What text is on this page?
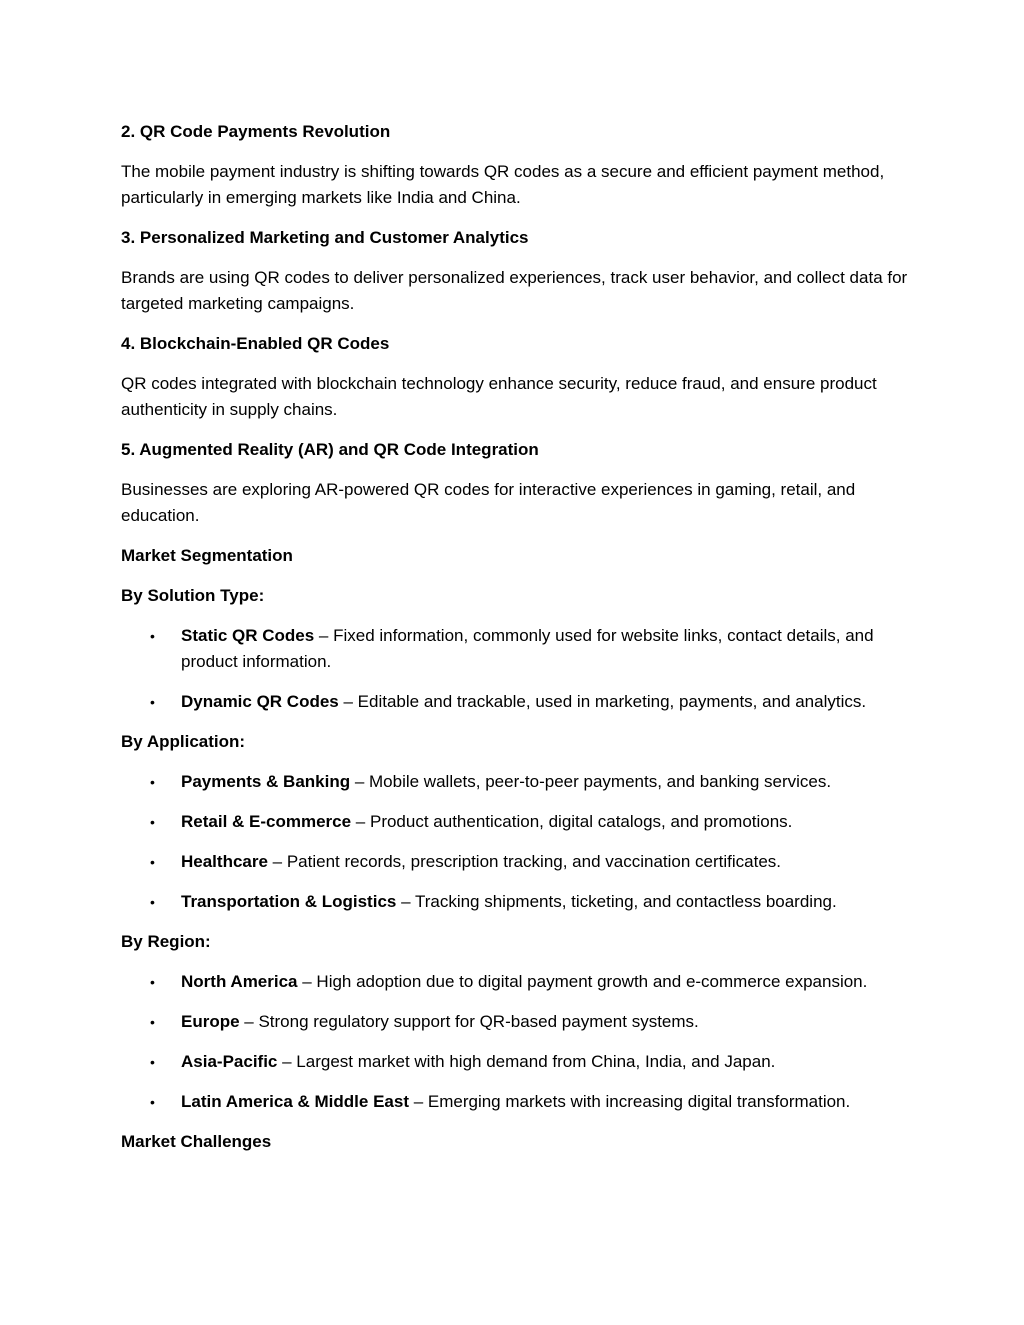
2. QR Code Payments Revolution

The mobile payment industry is shifting towards QR codes as a secure and efficient payment method, particularly in emerging markets like India and China.

3. Personalized Marketing and Customer Analytics

Brands are using QR codes to deliver personalized experiences, track user behavior, and collect data for targeted marketing campaigns.

4. Blockchain-Enabled QR Codes

QR codes integrated with blockchain technology enhance security, reduce fraud, and ensure product authenticity in supply chains.

5. Augmented Reality (AR) and QR Code Integration

Businesses are exploring AR-powered QR codes for interactive experiences in gaming, retail, and education.

Market Segmentation
By Solution Type:
• Static QR Codes – Fixed information, commonly used for website links, contact details, and product information.
• Dynamic QR Codes – Editable and trackable, used in marketing, payments, and analytics.
By Application:
• Payments & Banking – Mobile wallets, peer-to-peer payments, and banking services.
• Retail & E-commerce – Product authentication, digital catalogs, and promotions.
• Healthcare – Patient records, prescription tracking, and vaccination certificates.
• Transportation & Logistics – Tracking shipments, ticketing, and contactless boarding.
By Region:
• North America – High adoption due to digital payment growth and e-commerce expansion.
• Europe – Strong regulatory support for QR-based payment systems.
• Asia-Pacific – Largest market with high demand from China, India, and Japan.
• Latin America & Middle East – Emerging markets with increasing digital transformation.
Market Challenges
